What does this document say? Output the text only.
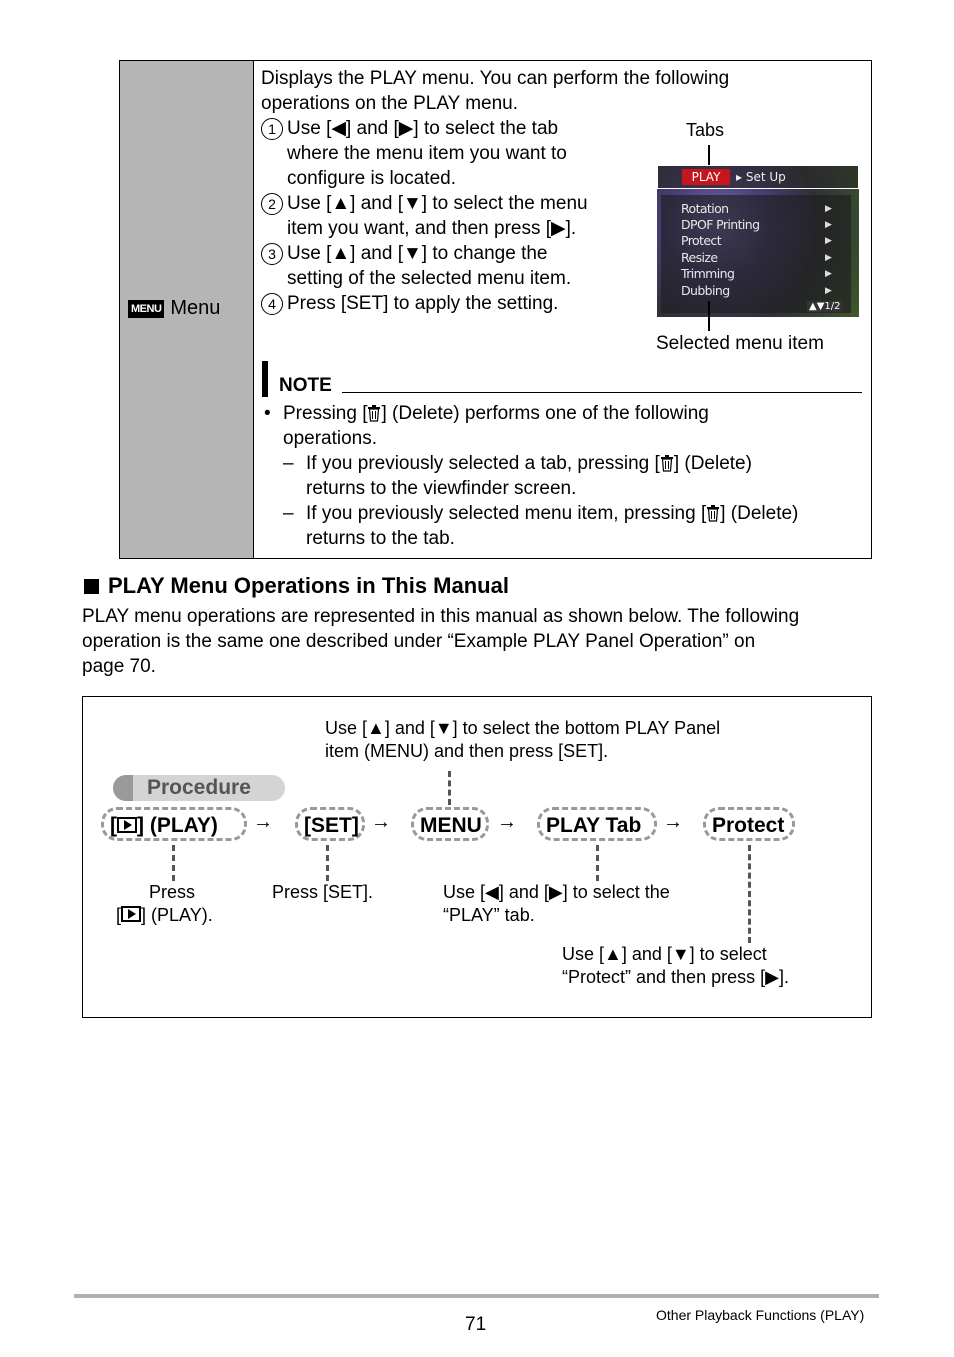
MENU Menu
Displays the PLAY menu. You can perform the following
operations on the PLAY menu.
1 Use [◀] and [▶] to select the tab
where the menu item you want to
configure is located.
2 Use [▲] and [▼] to select the menu
item you want, and then press [▶].
3 Use [▲] and [▼] to change the
setting of the selected menu item.
4 Press [SET] to apply the setting.
Tabs
PLAY	▸ Set Up
Rotation	▶
DPOF Printing	▶
Protect	▶
Resize	▶
Trimming	▶
Dubbing	▶
▲▼1/2
Selected menu item
NOTE
• Pressing [ ] (Delete) performs one of the following
operations.
– If you previously selected a tab, pressing [ ] (Delete)
returns to the viewfinder screen.
– If you previously selected menu item, pressing [ ] (Delete)
returns to the tab.
PLAY Menu Operations in This Manual
PLAY menu operations are represented in this manual as shown below. The following
operation is the same one described under “Example PLAY Panel Operation” on
page 70.
Use [▲] and [▼] to select the bottom PLAY Panel
item (MENU) and then press [SET].
Procedure
[ ] (PLAY)	→	[SET] →	MENU →	PLAY Tab	→	Protect
Press
[ ] (PLAY).
Press [SET].	Use [◀] and [▶] to select the
“PLAY” tab.
Use [▲] and [▼] to select
“Protect” and then press [▶].
71	Other Playback Functions (PLAY)
